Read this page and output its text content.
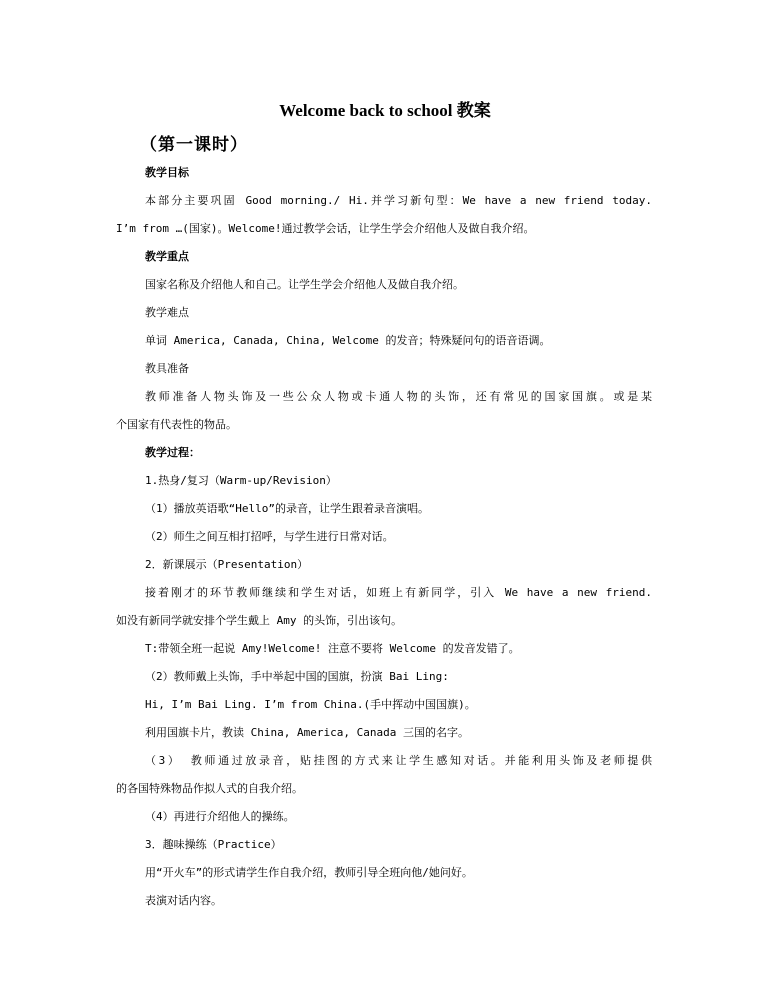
Welcome back to school 教案
（第一课时）
教学目标
本部分主要巩固 Good morning./ Hi.并学习新句型：We have a new friend today.
I’m from …(国家)。Welcome!通过教学会话，让学生学会介绍他人及做自我介绍。
教学重点
国家名称及介绍他人和自己。让学生学会介绍他人及做自我介绍。
教学难点
单词 America, Canada, China, Welcome 的发音；特殊疑问句的语音语调。
教具准备
教师准备人物头饰及一些公众人物或卡通人物的头饰，还有常见的国家国旗。或是某
个国家有代表性的物品。
教学过程：
1.热身/复习（Warm-up/Revision）
（1）播放英语歌“Hello”的录音，让学生跟着录音演唱。
（2）师生之间互相打招呼，与学生进行日常对话。
2．新课展示（Presentation）
接着刚才的环节教师继续和学生对话，如班上有新同学，引入 We have a new friend.
如没有新同学就安排个学生戴上 Amy 的头饰，引出该句。
T:带领全班一起说 Amy!Welcome! 注意不要将 Welcome 的发音发错了。
（2）教师戴上头饰，手中举起中国的国旗，扮演 Bai Ling:
Hi, I’m Bai Ling. I’m from China.(手中挥动中国国旗)。
利用国旗卡片，教读 China, America, Canada 三国的名字。
（3） 教师通过放录音，贴挂图的方式来让学生感知对话。并能利用头饰及老师提供
的各国特殊物品作拟人式的自我介绍。
（4）再进行介绍他人的操练。
3．趣味操练（Practice）
用“开火车”的形式请学生作自我介绍，教师引导全班向他/她问好。
表演对话内容。
